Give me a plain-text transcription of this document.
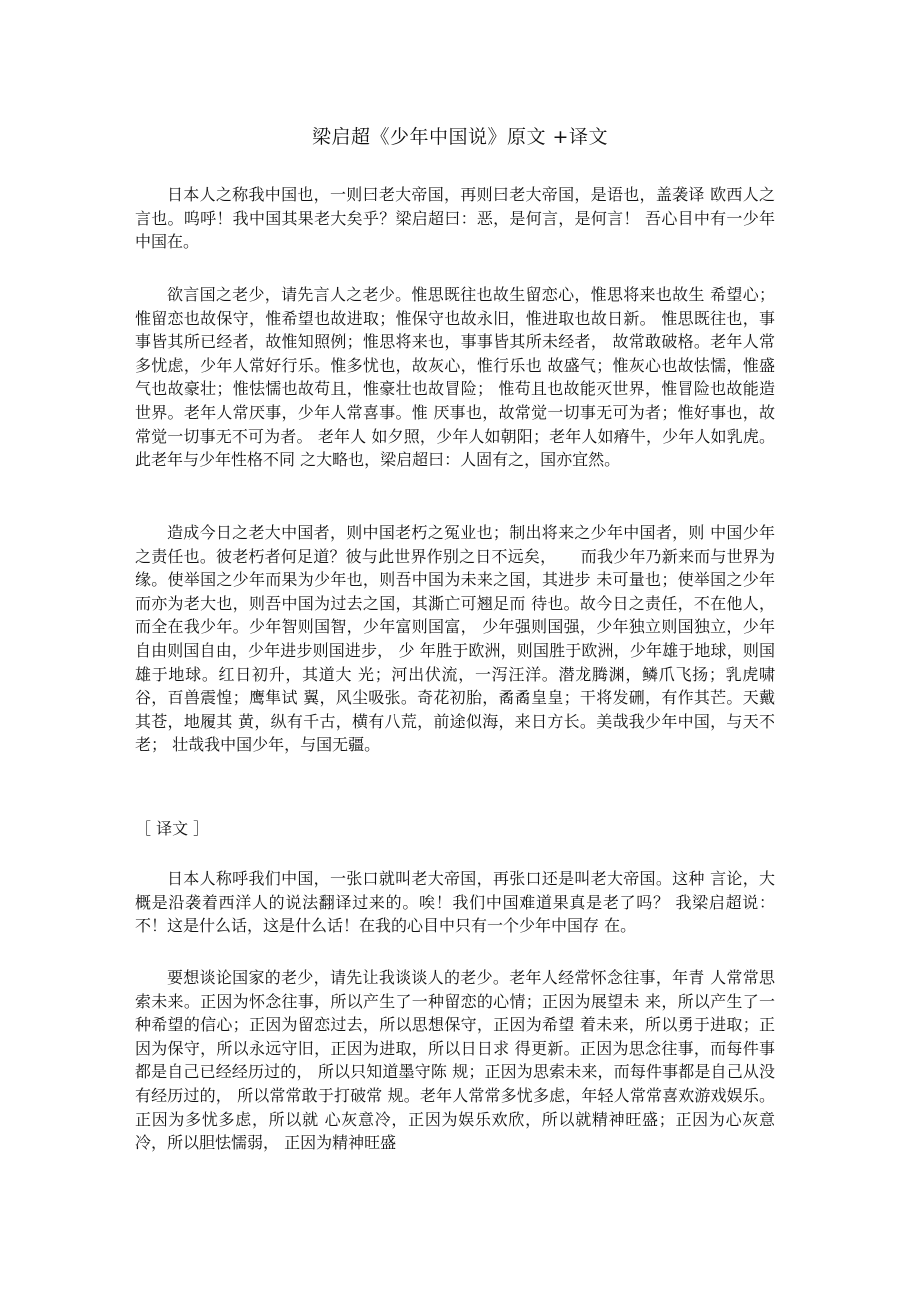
梁启超《少年中国说》原文 +译文

日本人之称我中国也，一则曰老大帝国，再则曰老大帝国，是语也，盖袭译 欧西人之言也。呜呼！我中国其果老大矣乎？梁启超曰：恶，是何言，是何言！ 吾心目中有一少年中国在。

欲言国之老少，请先言人之老少。惟思既往也故生留恋心，惟思将来也故生 希望心；惟留恋也故保守，惟希望也故进取；惟保守也故永旧，惟进取也故日新。 惟思既往也，事事皆其所已经者，故惟知照例；惟思将来也，事事皆其所未经者， 故常敢破格。老年人常多忧虑，少年人常好行乐。惟多忧也，故灰心，惟行乐也 故盛气；惟灰心也故怯懦，惟盛气也故豪壮；惟怯懦也故苟且，惟豪壮也故冒险； 惟苟且也故能灭世界，惟冒险也故能造世界。老年人常厌事，少年人常喜事。惟 厌事也，故常觉一切事无可为者；惟好事也，故常觉一切事无不可为者。 老年人 如夕照，少年人如朝阳；老年人如瘠牛，少年人如乳虎。此老年与少年性格不同 之大略也，梁启超曰：人固有之，国亦宜然。

造成今日之老大中国者，则中国老朽之冤业也；制出将来之少年中国者，则 中国少年之责任也。彼老朽者何足道？彼与此世界作别之日不远矣，　　而我少年乃新来而与世界为缘。使举国之少年而果为少年也，则吾中国为未来之国，其进步 未可量也；使举国之少年而亦为老大也，则吾中国为过去之国，其澌亡可翘足而 待也。故今日之责任，不在他人，而全在我少年。少年智则国智，少年富则国富， 少年强则国强，少年独立则国独立，少年自由则国自由，少年进步则国进步， 少 年胜于欧洲，则国胜于欧洲，少年雄于地球，则国雄于地球。红日初升，其道大 光；河出伏流，一泻汪洋。潜龙腾渊，鳞爪飞扬；乳虎啸谷，百兽震惶；鹰隼试 翼，风尘吸张。奇花初胎，矞矞皇皇；干将发硎，有作其芒。天戴其苍，地履其 黄，纵有千古，横有八荒，前途似海，来日方长。美哉我少年中国，与天不老； 壮哉我中国少年，与国无疆。

［ 译文 ］

日本人称呼我们中国，一张口就叫老大帝国，再张口还是叫老大帝国。这种 言论，大概是沿袭着西洋人的说法翻译过来的。唉！我们中国难道果真是老了吗？ 我梁启超说：不！这是什么话，这是什么话！在我的心目中只有一个少年中国存 在。

要想谈论国家的老少，请先让我谈谈人的老少。老年人经常怀念往事，年青 人常常思索未来。正因为怀念往事，所以产生了一种留恋的心情；正因为展望未 来，所以产生了一种希望的信心；正因为留恋过去，所以思想保守，正因为希望 着未来，所以勇于进取；正因为保守，所以永远守旧，正因为进取，所以日日求 得更新。正因为思念往事，而每件事都是自己已经经历过的， 所以只知道墨守陈 规；正因为思索未来，而每件事都是自己从没有经历过的， 所以常常敢于打破常 规。老年人常常多忧多虑，年轻人常常喜欢游戏娱乐。正因为多忧多虑，所以就 心灰意冷，正因为娱乐欢欣，所以就精神旺盛；正因为心灰意冷，所以胆怯懦弱， 正因为精神旺盛
